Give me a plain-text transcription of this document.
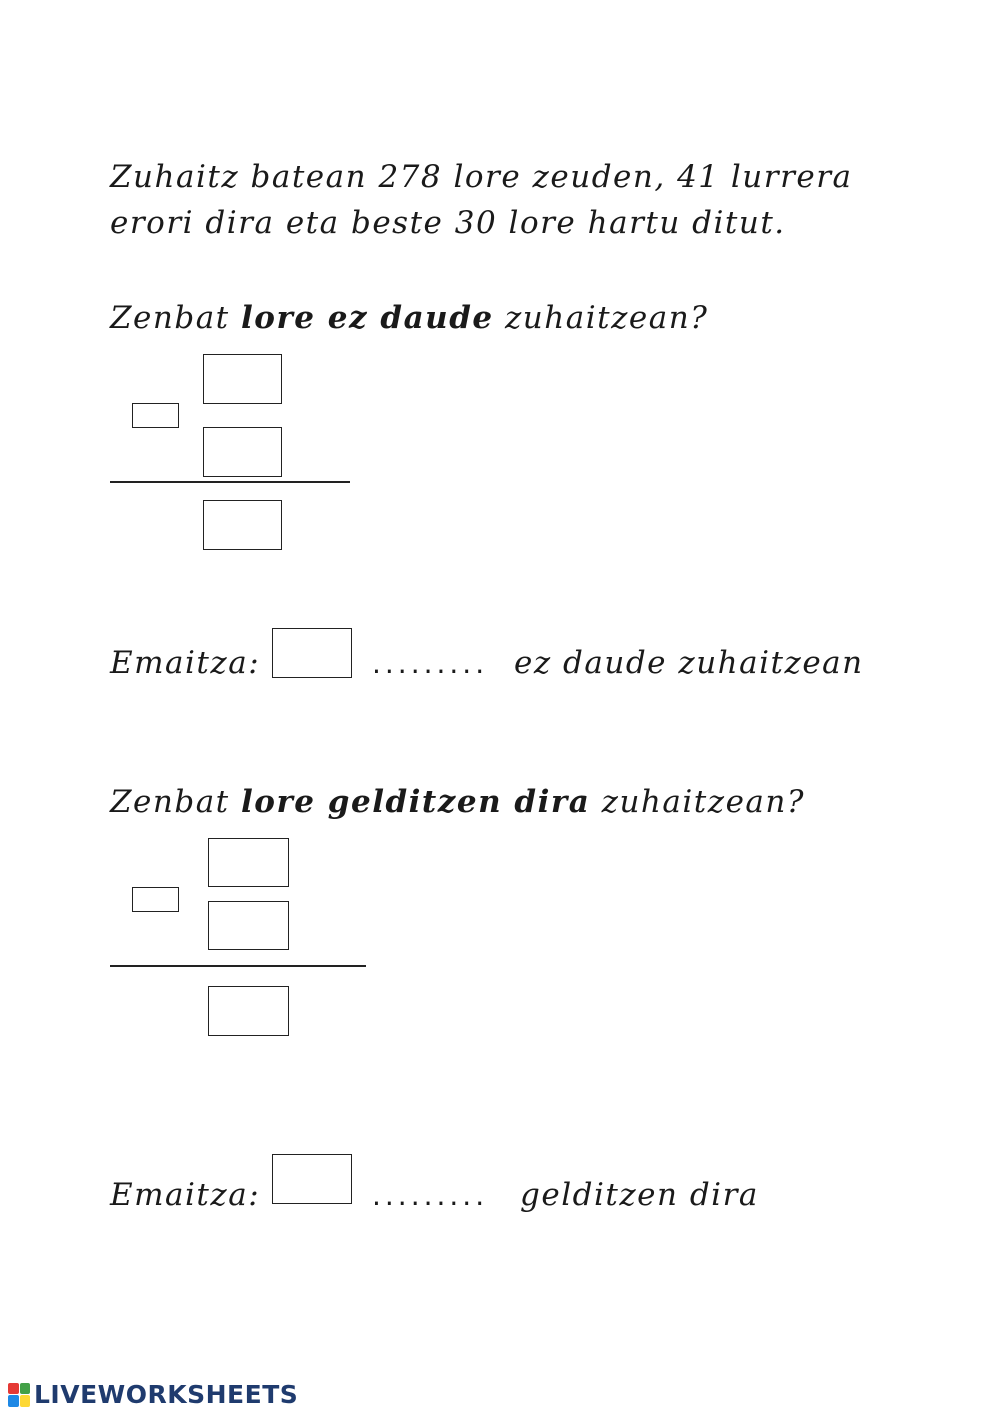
Zuhaitz batean 278 lore zeuden, 41 lurrera
erori dira eta beste 30 lore hartu ditut.
Zenbat lore ez daude zuhaitzean?
Emaitza:	......... ez daude zuhaitzean
Zenbat lore gelditzen dira zuhaitzean?
Emaitza:	......... gelditzen dira
LIVEWORKSHEETS
